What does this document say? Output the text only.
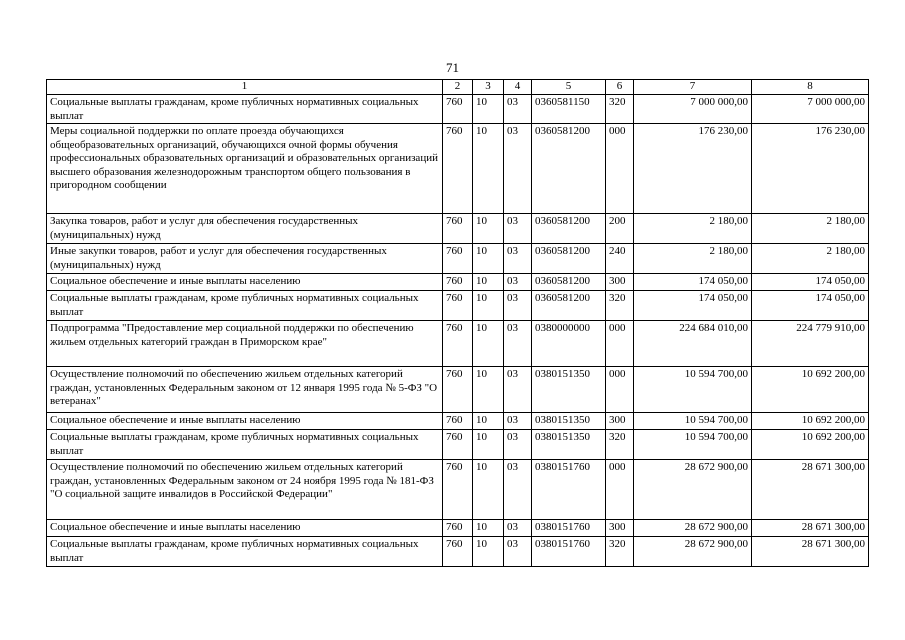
71
1	2	3	4	5	6	7	8
Социальные выплаты гражданам, кроме публичных нормативных социальных выплат	760	10	03	0360581150	320	7 000 000,00	7 000 000,00
Меры социальной поддержки по оплате проезда обучающихся общеобразовательных организаций, обучающихся очной формы обучения профессиональных образовательных организаций и образовательных организаций высшего образования железнодорожным транспортом общего пользования в пригородном сообщении	760	10	03	0360581200	000	176 230,00	176 230,00
Закупка товаров, работ и услуг для обеспечения государственных (муниципальных) нужд	760	10	03	0360581200	200	2 180,00	2 180,00
Иные закупки товаров, работ и услуг для обеспечения государственных (муниципальных) нужд	760	10	03	0360581200	240	2 180,00	2 180,00
Социальное обеспечение и иные выплаты населению	760	10	03	0360581200	300	174 050,00	174 050,00
Социальные выплаты гражданам, кроме публичных нормативных социальных выплат	760	10	03	0360581200	320	174 050,00	174 050,00
Подпрограмма "Предоставление мер социальной поддержки по обеспечению жильем отдельных категорий граждан в Приморском крае"	760	10	03	0380000000	000	224 684 010,00	224 779 910,00
Осуществление полномочий по обеспечению жильем отдельных категорий граждан, установленных Федеральным законом от 12 января 1995 года № 5-ФЗ "О ветеранах"	760	10	03	0380151350	000	10 594 700,00	10 692 200,00
Социальное обеспечение и иные выплаты населению	760	10	03	0380151350	300	10 594 700,00	10 692 200,00
Социальные выплаты гражданам, кроме публичных нормативных социальных выплат	760	10	03	0380151350	320	10 594 700,00	10 692 200,00
Осуществление полномочий по обеспечению жильем отдельных категорий граждан, установленных Федеральным законом от 24 ноября 1995 года № 181-ФЗ "О социальной защите инвалидов в Российской Федерации"	760	10	03	0380151760	000	28 672 900,00	28 671 300,00
Социальное обеспечение и иные выплаты населению	760	10	03	0380151760	300	28 672 900,00	28 671 300,00
Социальные выплаты гражданам, кроме публичных нормативных социальных выплат	760	10	03	0380151760	320	28 672 900,00	28 671 300,00
